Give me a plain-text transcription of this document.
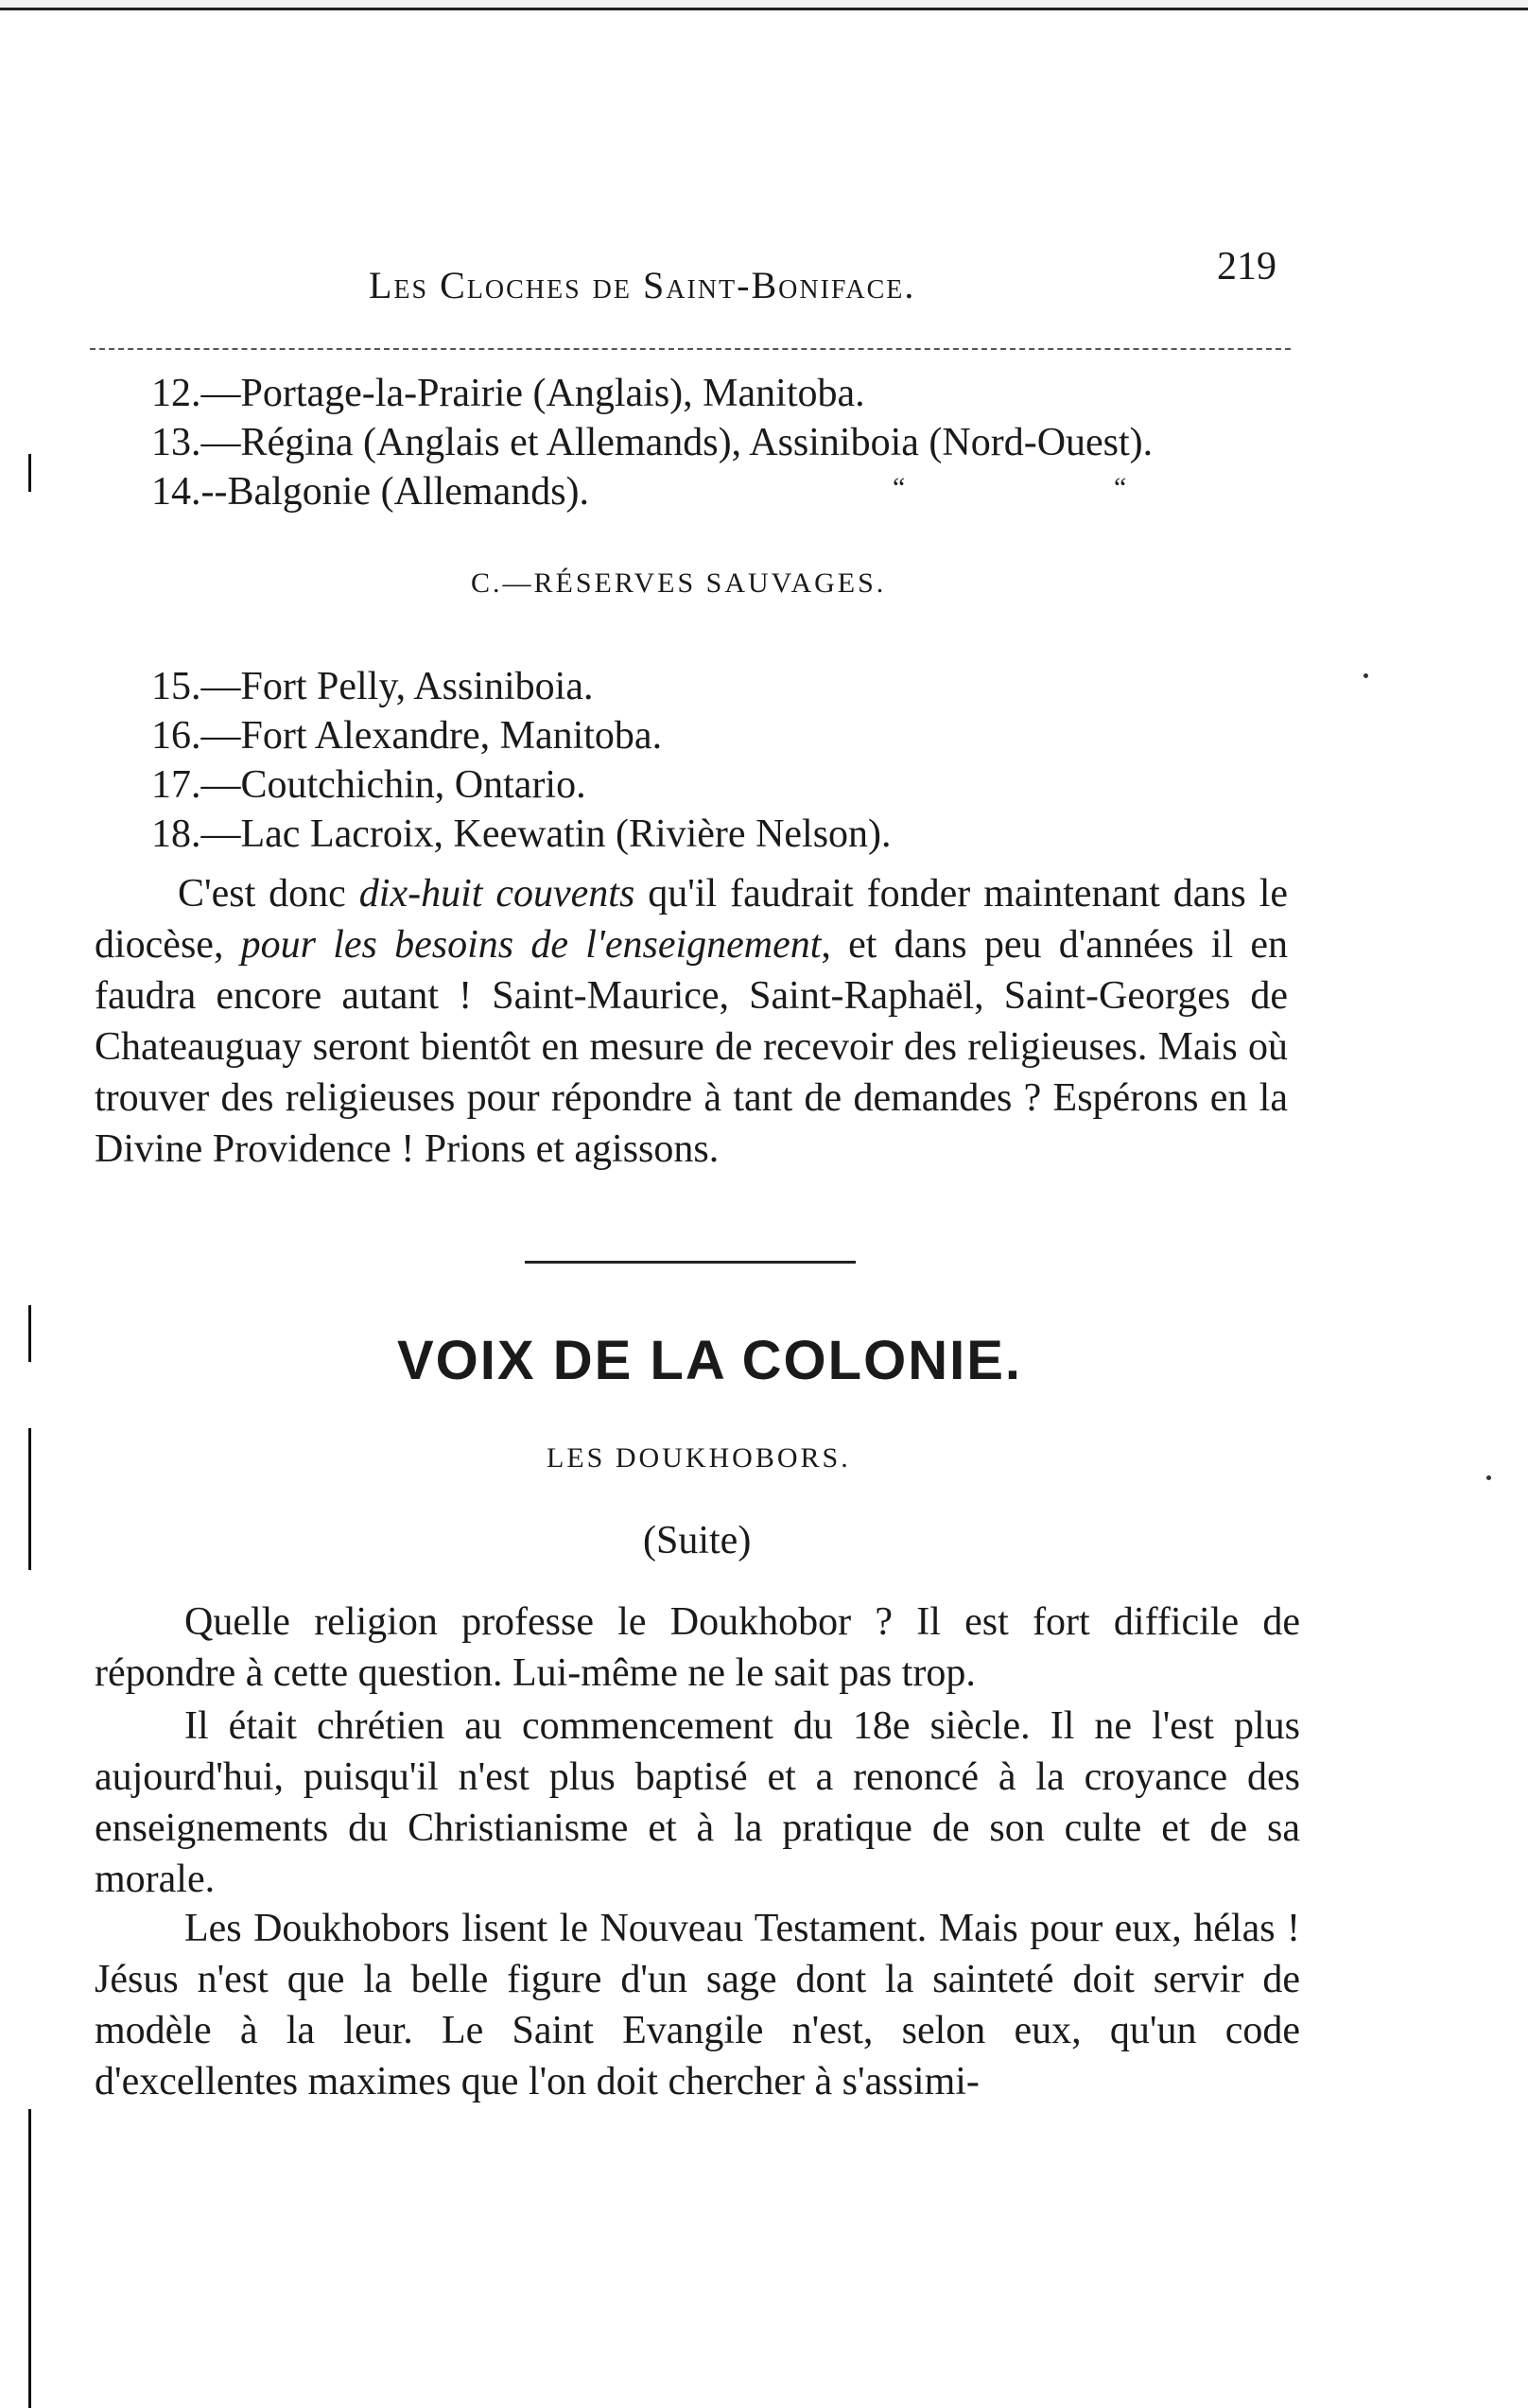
Les Cloches de Saint-Boniface.	219
12.—Portage-la-Prairie (Anglais), Manitoba.
13.—Régina (Anglais et Allemands), Assiniboia (Nord-Ouest).
14.--Balgonie (Allemands).	“	“
C.—RÉSERVES SAUVAGES.
15.—Fort Pelly, Assiniboia.
16.—Fort Alexandre, Manitoba.
17.—Coutchichin, Ontario.
18.—Lac Lacroix, Keewatin (Rivière Nelson).
C'est donc dix-huit couvents qu'il faudrait fonder maintenant dans le diocèse, pour les besoins de l'enseignement, et dans peu d'années il en faudra encore autant ! Saint-Maurice, Saint-Raphaël, Saint-Georges de Chateauguay seront bientôt en mesure de recevoir des religieuses. Mais où trouver des religieuses pour répondre à tant de demandes ? Espérons en la Divine Providence ! Prions et agissons.
VOIX DE LA COLONIE.
LES DOUKHOBORS.
(Suite)
Quelle religion professe le Doukhobor ? Il est fort difficile de répondre à cette question. Lui-même ne le sait pas trop.
Il était chrétien au commencement du 18e siècle. Il ne l'est plus aujourd'hui, puisqu'il n'est plus baptisé et a renoncé à la croyance des enseignements du Christianisme et à la pratique de son culte et de sa morale.
Les Doukhobors lisent le Nouveau Testament. Mais pour eux, hélas ! Jésus n'est que la belle figure d'un sage dont la sainteté doit servir de modèle à la leur. Le Saint Evangile n'est, selon eux, qu'un code d'excellentes maximes que l'on doit chercher à s'assimi-
